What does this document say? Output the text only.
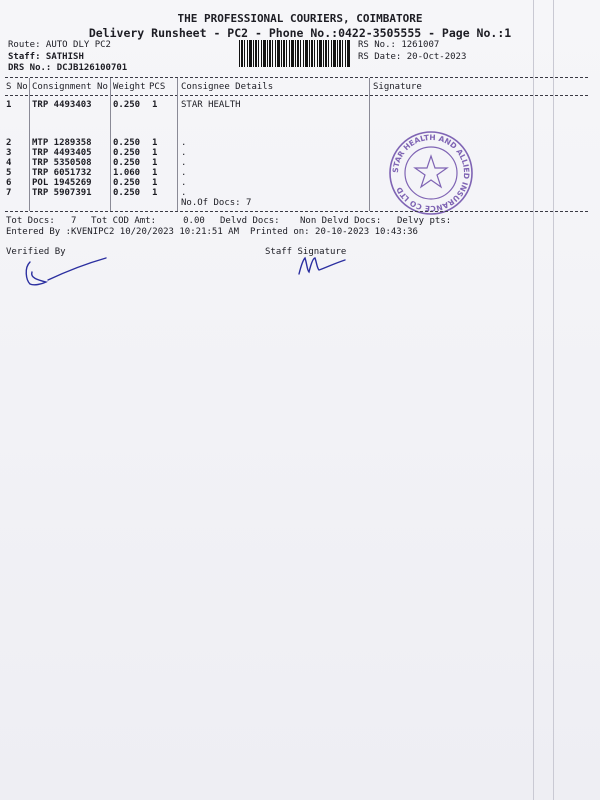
THE PROFESSIONAL COURIERS, COIMBATORE
Delivery Runsheet - PC2 - Phone No.:0422-3505555 - Page No.:1
Route: AUTO DLY PC2
Staff: SATHISH
DRS No.: DCJB126100701
RS No.: 1261007
RS Date: 20-Oct-2023
S No Consignment No Weight PCS Consignee Details	Signature
1 TRP 4493403 0.250 1	STAR HEALTH
2 MTP 1289358 0.250 1	.
3 TRP 4493405 0.250 1	.
4 TRP 5350508 0.250 1	.
5 TRP 6051732 1.060 1	.
6 POL 1945269 0.250 1	.
7 TRP 5907391 0.250 1	.
No.Of Docs: 7
STAR HEALTH AND ALLIED INSURANCE CO LTD
Tot Docs:   7 Tot COD Amt:     0.00 Delvd Docs: Non Delvd Docs: Delvy pts:
Entered By :KVENIPC2 10/20/2023 10:21:51 AM Printed on: 20-10-2023 10:43:36
Verified By	Staff Signature
